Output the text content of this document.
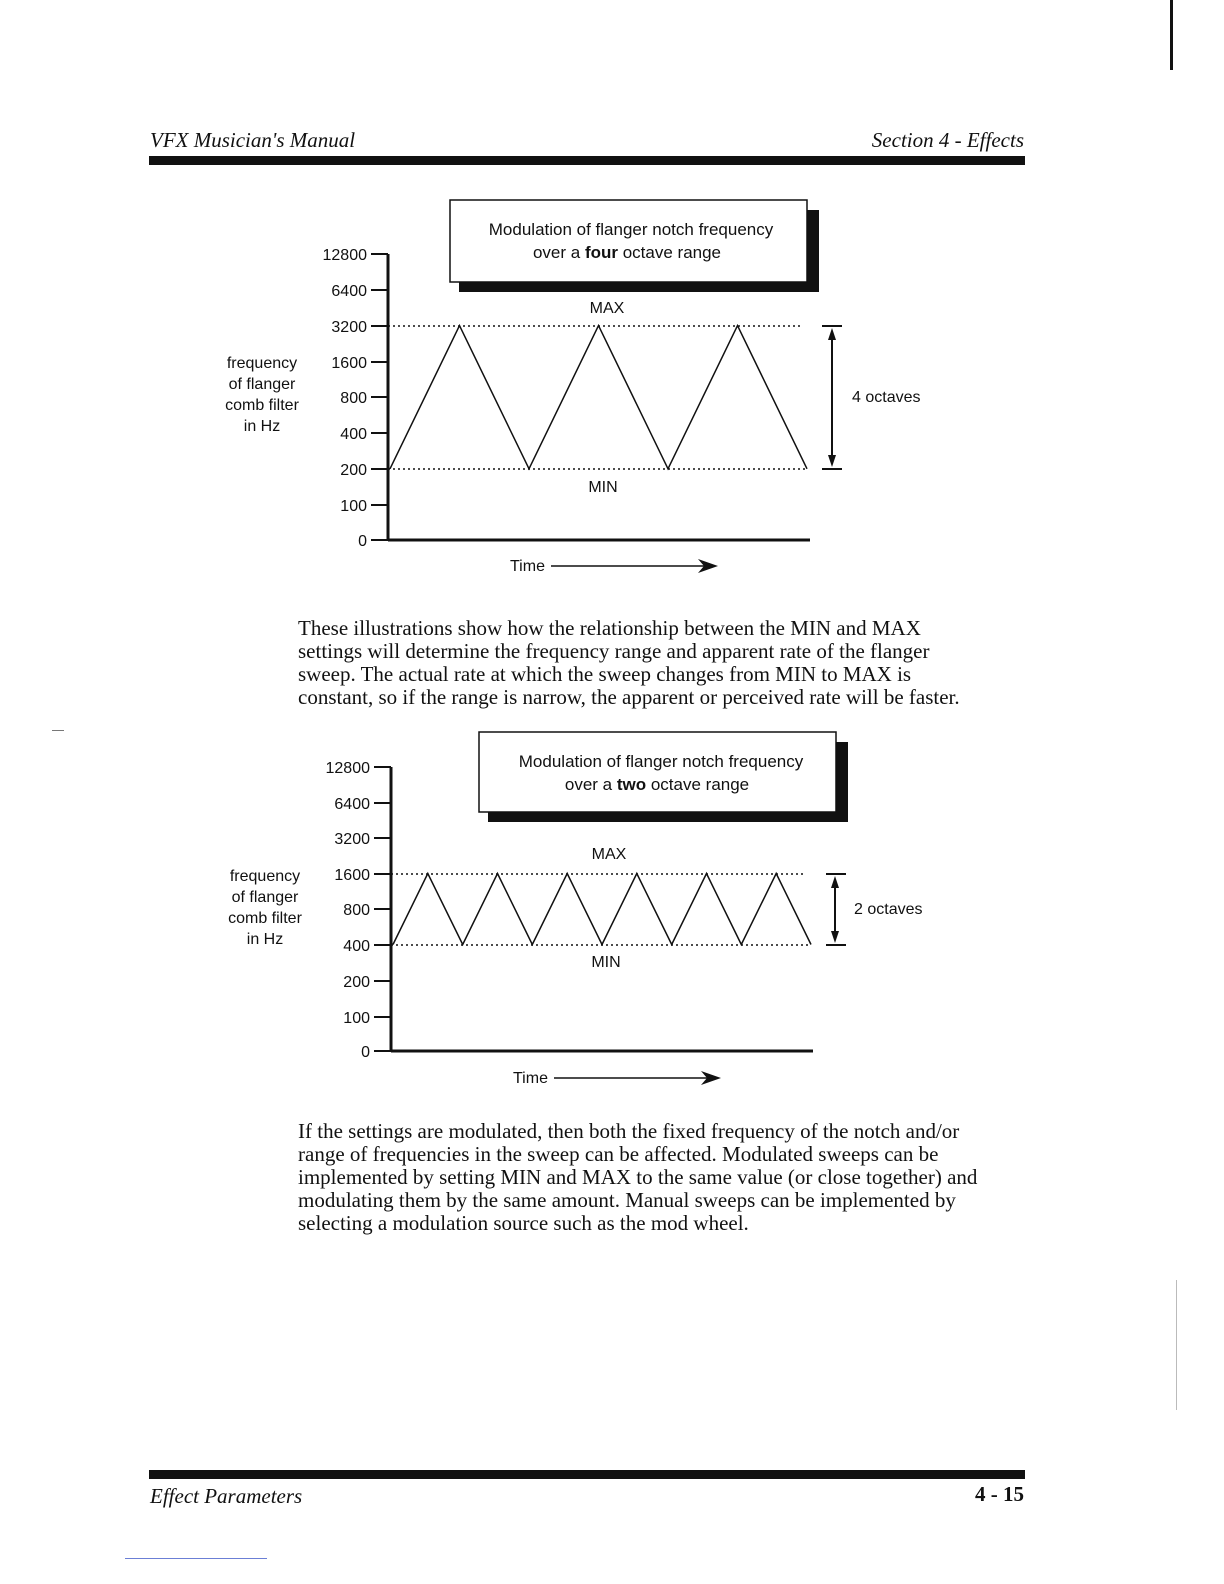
VFX Musician's Manual	Section 4 - Effects
Modulation of flanger notch frequency
over a four octave range
frequency
of flanger
comb filter
in Hz
12800
6400
3200
1600
800
400
200
100
0
MAX
MIN
4 octaves
Time

These illustrations show how the relationship between the MIN and MAX
settings will determine the frequency range and apparent rate of the flanger
sweep. The actual rate at which the sweep changes from MIN to MAX is
constant, so if the range is narrow, the apparent or perceived rate will be faster.

Modulation of flanger notch frequency
over a two octave range
frequency
of flanger
comb filter
in Hz
12800
6400
3200
1600
800
400
200
100
0
MAX
MIN
2 octaves
Time

If the settings are modulated, then both the fixed frequency of the notch and/or
range of frequencies in the sweep can be affected. Modulated sweeps can be
implemented by setting MIN and MAX to the same value (or close together) and
modulating them by the same amount. Manual sweeps can be implemented by
selecting a modulation source such as the mod wheel.

Effect Parameters	4 - 15
